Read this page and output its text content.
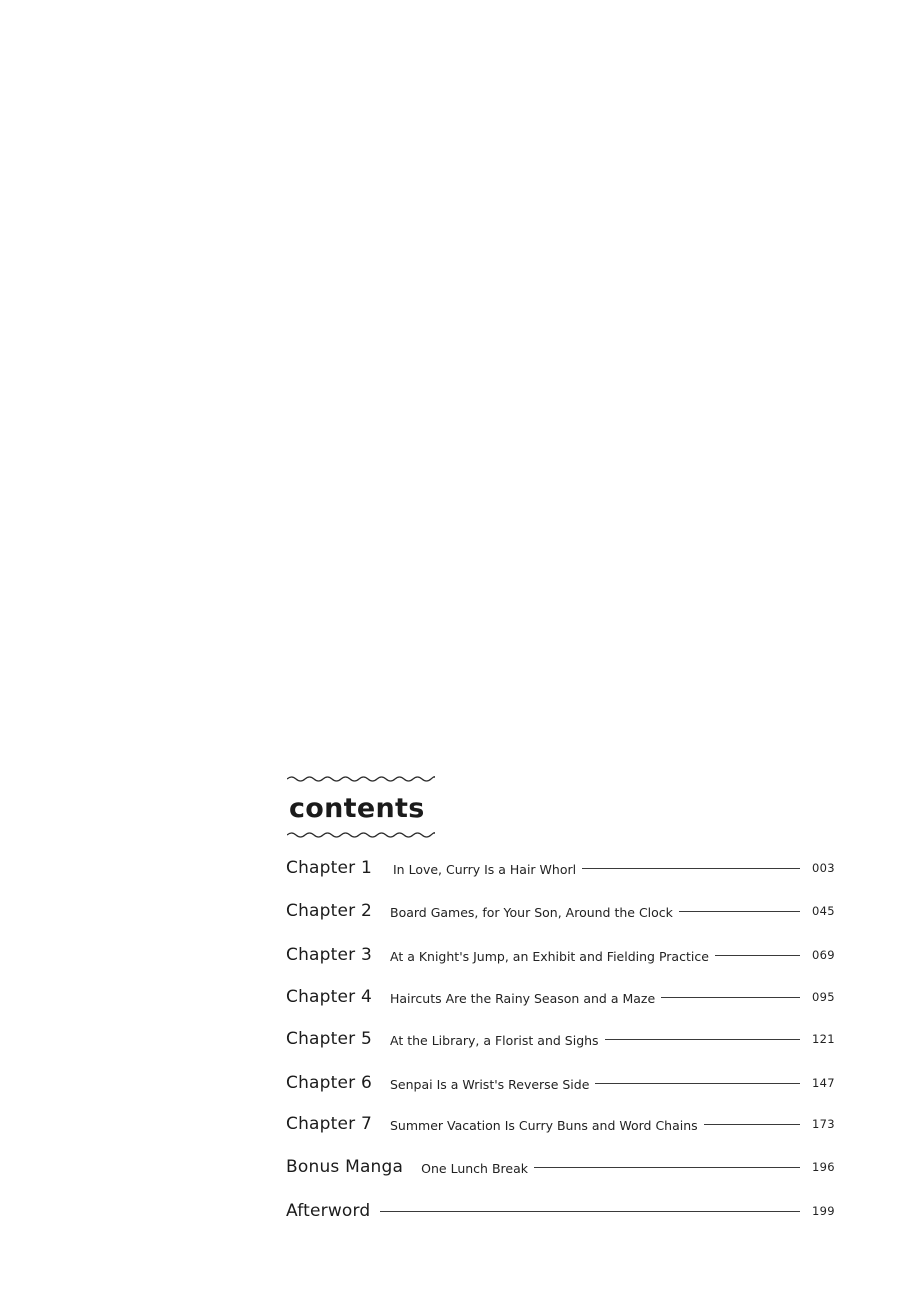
contents
Chapter 1 In Love, Curry Is a Hair Whorl	003
Chapter 2 Board Games, for Your Son, Around the Clock	045
Chapter 3 At a Knight's Jump, an Exhibit and Fielding Practice	069
Chapter 4 Haircuts Are the Rainy Season and a Maze	095
Chapter 5 At the Library, a Florist and Sighs	121
Chapter 6 Senpai Is a Wrist's Reverse Side	147
Chapter 7 Summer Vacation Is Curry Buns and Word Chains	173
Bonus Manga One Lunch Break	196
Afterword	199
